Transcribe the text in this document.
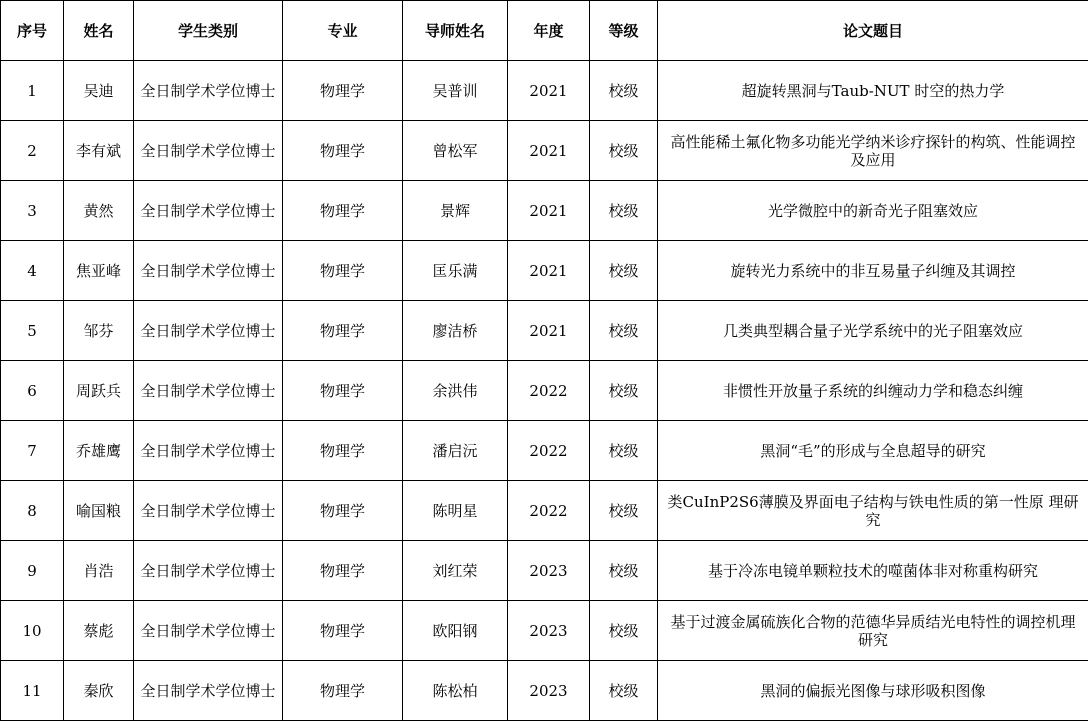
序号	姓名	学生类别	专业	导师姓名	年度	等级	论文题目
1	吴迪	全日制学术学位博士	物理学	吴普训	2021	校级	超旋转黑洞与Taub-NUT 时空的热力学
2	李有斌	全日制学术学位博士	物理学	曾松军	2021	校级	高性能稀土氟化物多功能光学纳米诊疗探针的构筑、性能调控及应用
3	黄然	全日制学术学位博士	物理学	景辉	2021	校级	光学微腔中的新奇光子阻塞效应
4	焦亚峰	全日制学术学位博士	物理学	匡乐满	2021	校级	旋转光力系统中的非互易量子纠缠及其调控
5	邹芬	全日制学术学位博士	物理学	廖洁桥	2021	校级	几类典型耦合量子光学系统中的光子阻塞效应
6	周跃兵	全日制学术学位博士	物理学	余洪伟	2022	校级	非惯性开放量子系统的纠缠动力学和稳态纠缠
7	乔雄鹰	全日制学术学位博士	物理学	潘启沅	2022	校级	黑洞“毛”的形成与全息超导的研究
8	喻国粮	全日制学术学位博士	物理学	陈明星	2022	校级	类CuInP2S6薄膜及界面电子结构与铁电性质的第一性原 理研究
9	肖浩	全日制学术学位博士	物理学	刘红荣	2023	校级	基于冷冻电镜单颗粒技术的噬菌体非对称重构研究
10	蔡彪	全日制学术学位博士	物理学	欧阳钢	2023	校级	基于过渡金属硫族化合物的范德华异质结光电特性的调控机理研究
11	秦欣	全日制学术学位博士	物理学	陈松柏	2023	校级	黑洞的偏振光图像与球形吸积图像
